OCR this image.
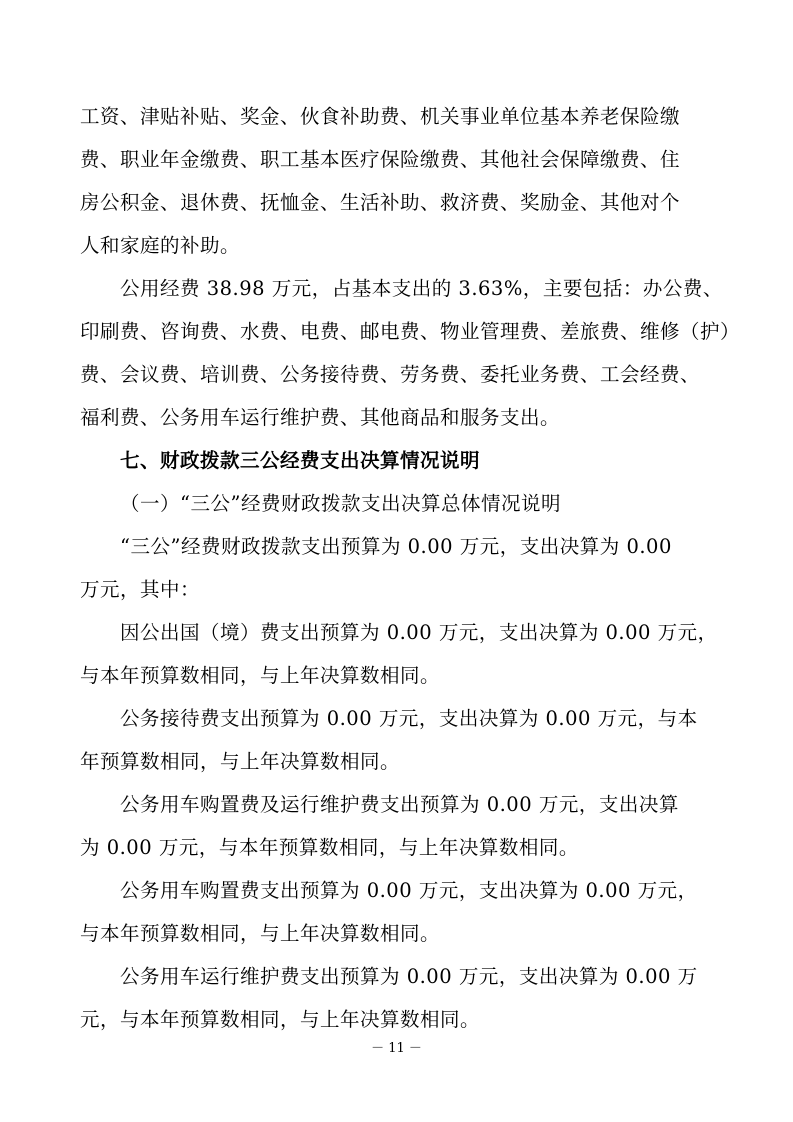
工资、津贴补贴、奖金、伙食补助费、机关事业单位基本养老保险缴
费、职业年金缴费、职工基本医疗保险缴费、其他社会保障缴费、住
房公积金、退休费、抚恤金、生活补助、救济费、奖励金、其他对个
人和家庭的补助。
公用经费 38.98 万元，占基本支出的 3.63%，主要包括：办公费、
印刷费、咨询费、水费、电费、邮电费、物业管理费、差旅费、维修（护）
费、会议费、培训费、公务接待费、劳务费、委托业务费、工会经费、
福利费、公务用车运行维护费、其他商品和服务支出。
七、财政拨款三公经费支出决算情况说明
（一）“三公”经费财政拨款支出决算总体情况说明
“三公”经费财政拨款支出预算为 0.00 万元，支出决算为 0.00
万元，其中：
因公出国（境）费支出预算为 0.00 万元，支出决算为 0.00 万元，
与本年预算数相同，与上年决算数相同。
公务接待费支出预算为 0.00 万元，支出决算为 0.00 万元，与本
年预算数相同，与上年决算数相同。
公务用车购置费及运行维护费支出预算为 0.00 万元，支出决算
为 0.00 万元，与本年预算数相同，与上年决算数相同。
公务用车购置费支出预算为 0.00 万元，支出决算为 0.00 万元，
与本年预算数相同，与上年决算数相同。
公务用车运行维护费支出预算为 0.00 万元，支出决算为 0.00 万
元，与本年预算数相同，与上年决算数相同。
－ 11 －
